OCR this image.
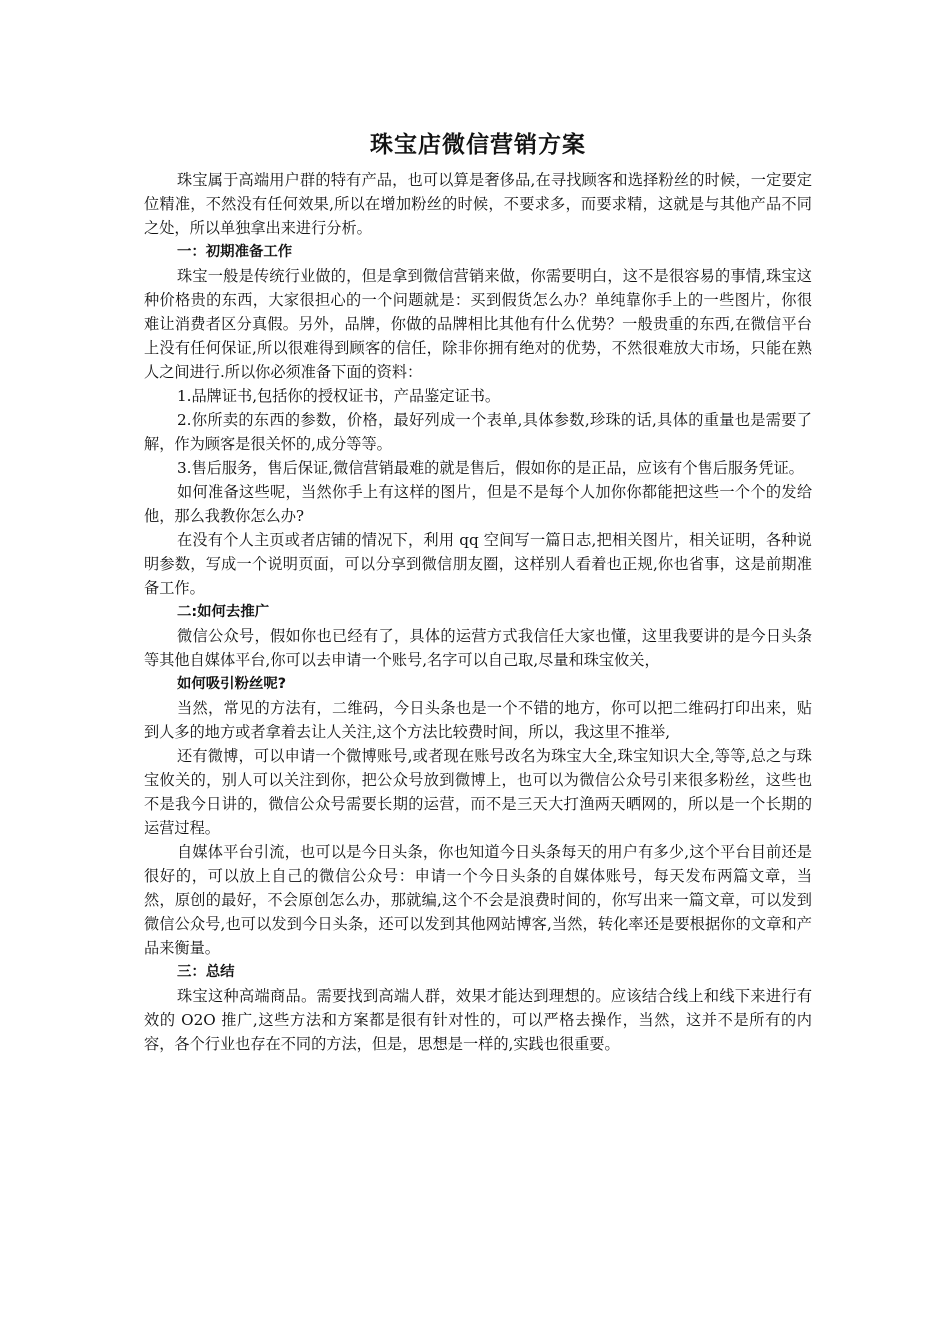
珠宝店微信营销方案

珠宝属于高端用户群的特有产品，也可以算是奢侈品,在寻找顾客和选择粉丝的时候，一定要定位精准，不然没有任何效果,所以在增加粉丝的时候，不要求多，而要求精，这就是与其他产品不同之处，所以单独拿出来进行分析。

一：初期准备工作

珠宝一般是传统行业做的，但是拿到微信营销来做，你需要明白，这不是很容易的事情,珠宝这种价格贵的东西，大家很担心的一个问题就是：买到假货怎么办？单纯靠你手上的一些图片，你很难让消费者区分真假。另外，品牌，你做的品牌相比其他有什么优势？一般贵重的东西,在微信平台上没有任何保证,所以很难得到顾客的信任，除非你拥有绝对的优势，不然很难放大市场，只能在熟人之间进行.所以你必须准备下面的资料：

1.品牌证书,包括你的授权证书，产品鉴定证书。

2.你所卖的东西的参数，价格，最好列成一个表单,具体参数,珍珠的话,具体的重量也是需要了解，作为顾客是很关怀的,成分等等。

3.售后服务，售后保证,微信营销最难的就是售后，假如你的是正品，应该有个售后服务凭证。

如何准备这些呢，当然你手上有这样的图片，但是不是每个人加你你都能把这些一个个的发给他，那么我教你怎么办?

在没有个人主页或者店铺的情况下，利用 qq 空间写一篇日志,把相关图片，相关证明，各种说明参数，写成一个说明页面，可以分享到微信朋友圈，这样别人看着也正规,你也省事，这是前期准备工作。

二:如何去推广

微信公众号，假如你也已经有了，具体的运营方式我信任大家也懂，这里我要讲的是今日头条等其他自媒体平台,你可以去申请一个账号,名字可以自己取,尽量和珠宝攸关，

如何吸引粉丝呢?

当然，常见的方法有，二维码，今日头条也是一个不错的地方，你可以把二维码打印出来，贴到人多的地方或者拿着去让人关注,这个方法比较费时间，所以，我这里不推举,

还有微博，可以申请一个微博账号,或者现在账号改名为珠宝大全,珠宝知识大全,等等,总之与珠宝攸关的，别人可以关注到你，把公众号放到微博上，也可以为微信公众号引来很多粉丝，这些也不是我今日讲的，微信公众号需要长期的运营，而不是三天大打渔两天晒网的，所以是一个长期的运营过程。

自媒体平台引流，也可以是今日头条，你也知道今日头条每天的用户有多少,这个平台目前还是很好的，可以放上自己的微信公众号：申请一个今日头条的自媒体账号，每天发布两篇文章，当然，原创的最好，不会原创怎么办，那就编,这个不会是浪费时间的，你写出来一篇文章，可以发到微信公众号,也可以发到今日头条，还可以发到其他网站博客,当然，转化率还是要根据你的文章和产品来衡量。

三：总结

珠宝这种高端商品。需要找到高端人群，效果才能达到理想的。应该结合线上和线下来进行有效的 O2O 推广,这些方法和方案都是很有针对性的，可以严格去操作，当然，这并不是所有的内容，各个行业也存在不同的方法，但是，思想是一样的,实践也很重要。
